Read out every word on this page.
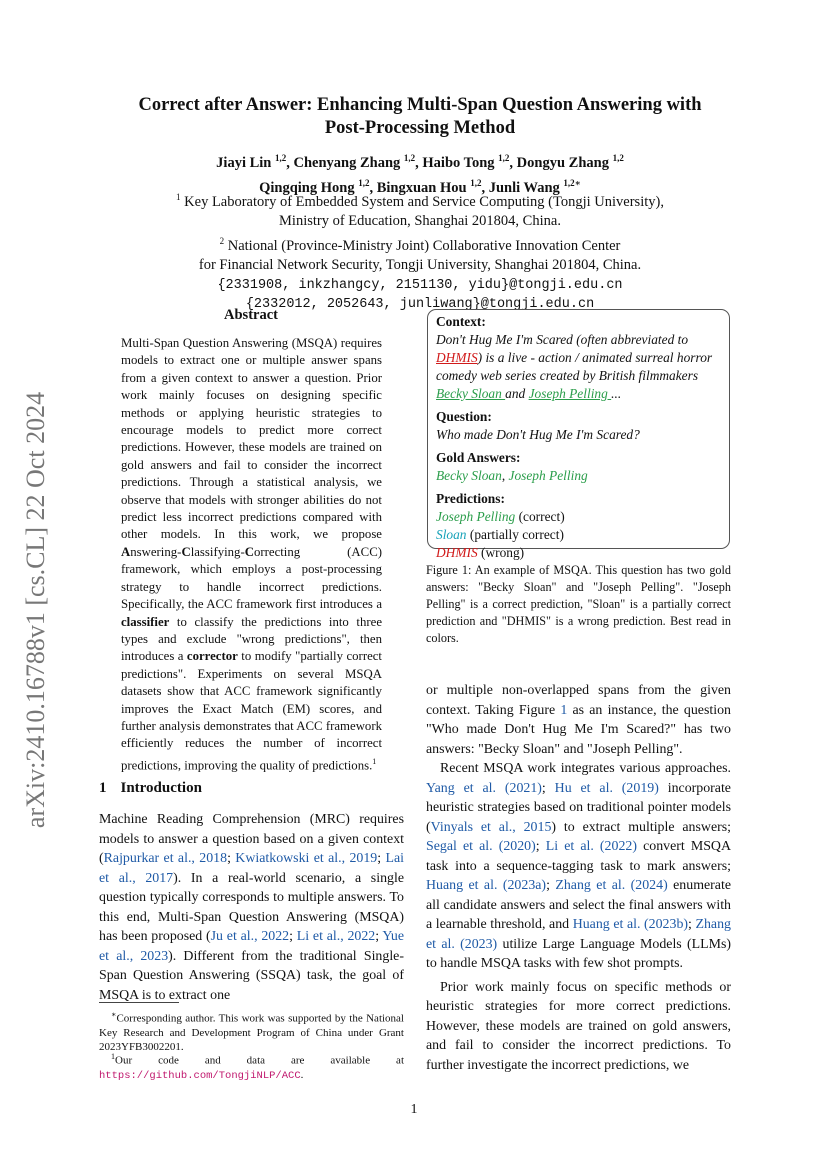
arXiv:2410.16788v1 [cs.CL] 22 Oct 2024
Correct after Answer: Enhancing Multi-Span Question Answering with
Post-Processing Method
Jiayi Lin $^{1,2}$, Chenyang Zhang $^{1,2}$, Haibo Tong $^{1,2}$, Dongyu Zhang $^{1,2}$
Qingqing Hong $^{1,2}$, Bingxuan Hou $^{1,2}$, Junli Wang $^{1,2∗}$
$^1$ Key Laboratory of Embedded System and Service Computing (Tongji University),
Ministry of Education, Shanghai 201804, China.
$^2$ National (Province-Ministry Joint) Collaborative Innovation Center
for Financial Network Security, Tongji University, Shanghai 201804, China.
{2331908, inkzhangcy, 2151130, yidu}@tongji.edu.cn
{2332012, 2052643, junliwang}@tongji.edu.cn
Abstract
Multi-Span Question Answering (MSQA) requires models to extract one or multiple answer spans from a given context to answer a question. Prior work mainly focuses on designing specific methods or applying heuristic strategies to encourage models to predict more correct predictions. However, these models are trained on gold answers and fail to consider the incorrect predictions. Through a statistical analysis, we observe that models with stronger abilities do not predict less incorrect predictions compared with other models. In this work, we propose Answering-Classifying-Correcting (ACC) framework, which employs a post-processing strategy to handle incorrect predictions. Specifically, the ACC framework first introduces a classifier to classify the predictions into three types and exclude "wrong predictions", then introduces a corrector to modify "partially correct predictions". Experiments on several MSQA datasets show that ACC framework significantly improves the Exact Match (EM) scores, and further analysis demonstrates that ACC framework efficiently reduces the number of incorrect predictions, improving the quality of predictions.$^1$
1 Introduction
Machine Reading Comprehension (MRC) requires models to answer a question based on a given context (Rajpurkar et al., 2018; Kwiatkowski et al., 2019; Lai et al., 2017). In a real-world scenario, a single question typically corresponds to multiple answers. To this end, Multi-Span Question Answering (MSQA) has been proposed (Ju et al., 2022; Li et al., 2022; Yue et al., 2023). Different from the traditional Single-Span Question Answering (SSQA) task, the goal of MSQA is to extract one
∗Corresponding author. This work was supported by the National Key Research and Development Program of China under Grant 2023YFB3002201.
$^1$Our code and data are available at https://github.com/TongjiNLP/ACC.
Context:
Don't Hug Me I'm Scared (often abbreviated to DHMIS) is a live - action / animated surreal horror comedy web series created by British filmmakers Becky Sloan and Joseph Pelling ...
Question:
Who made Don't Hug Me I'm Scared?
Gold Answers:
Becky Sloan, Joseph Pelling
Predictions:
Joseph Pelling (correct)
Sloan (partially correct)
DHMIS (wrong)
Figure 1: An example of MSQA. This question has two gold answers: "Becky Sloan" and "Joseph Pelling". "Joseph Pelling" is a correct prediction, "Sloan" is a partially correct prediction and "DHMIS" is a wrong prediction. Best read in colors.
or multiple non-overlapped spans from the given context. Taking Figure 1 as an instance, the question "Who made Don't Hug Me I'm Scared?" has two answers: "Becky Sloan" and "Joseph Pelling".
Recent MSQA work integrates various approaches. Yang et al. (2021); Hu et al. (2019) incorporate heuristic strategies based on traditional pointer models (Vinyals et al., 2015) to extract multiple answers; Segal et al. (2020); Li et al. (2022) convert MSQA task into a sequence-tagging task to mark answers; Huang et al. (2023a); Zhang et al. (2024) enumerate all candidate answers and select the final answers with a learnable threshold, and Huang et al. (2023b); Zhang et al. (2023) utilize Large Language Models (LLMs) to handle MSQA tasks with few shot prompts.
Prior work mainly focus on specific methods or heuristic strategies for more correct predictions. However, these models are trained on gold answers, and fail to consider the incorrect predictions. To further investigate the incorrect predictions, we
1
